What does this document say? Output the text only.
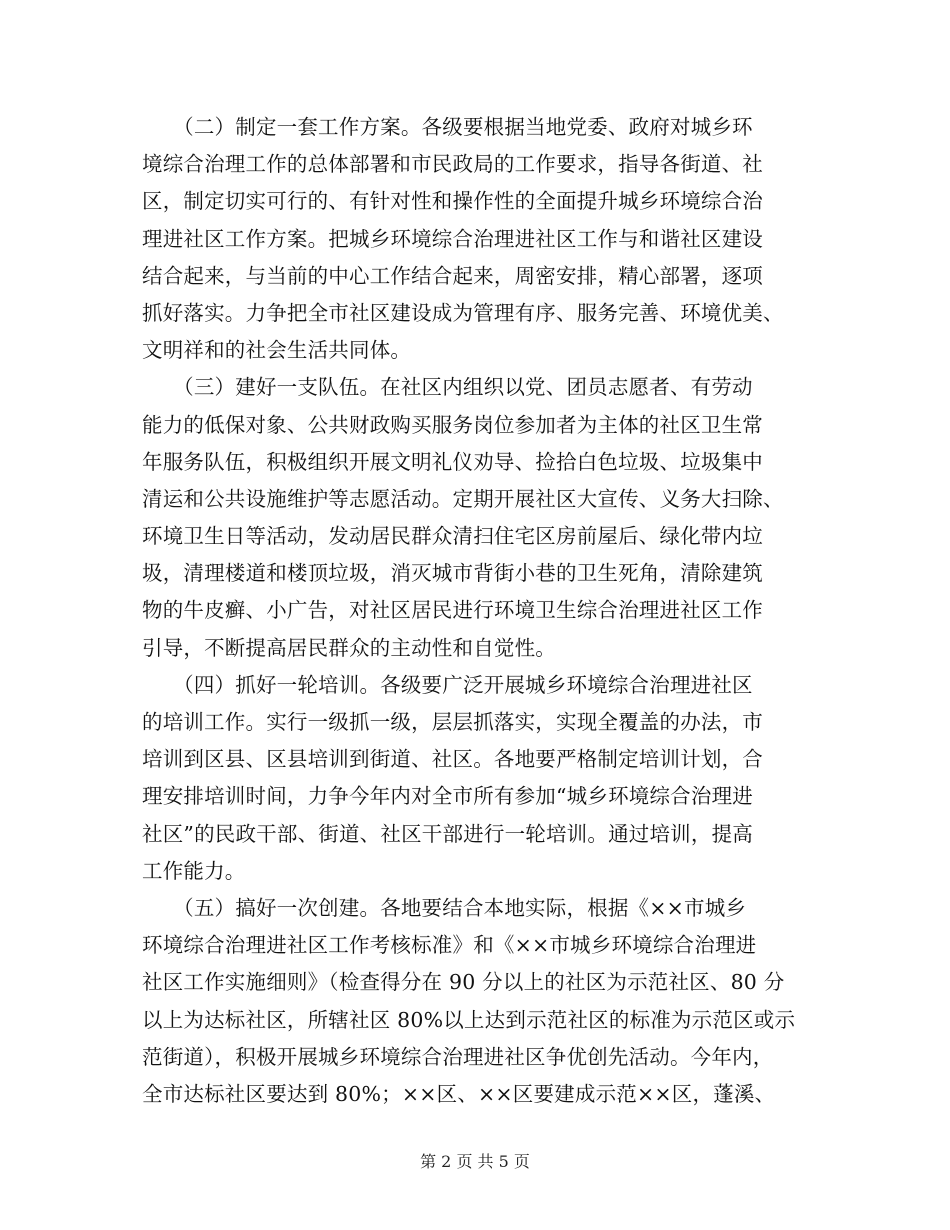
　　（二）制定一套工作方案。各级要根据当地党委、政府对城乡环
境综合治理工作的总体部署和市民政局的工作要求，指导各街道、社
区，制定切实可行的、有针对性和操作性的全面提升城乡环境综合治
理进社区工作方案。把城乡环境综合治理进社区工作与和谐社区建设
结合起来，与当前的中心工作结合起来，周密安排，精心部署，逐项
抓好落实。力争把全市社区建设成为管理有序、服务完善、环境优美、
文明祥和的社会生活共同体。
　　（三）建好一支队伍。在社区内组织以党、团员志愿者、有劳动
能力的低保对象、公共财政购买服务岗位参加者为主体的社区卫生常
年服务队伍，积极组织开展文明礼仪劝导、捡拾白色垃圾、垃圾集中
清运和公共设施维护等志愿活动。定期开展社区大宣传、义务大扫除、
环境卫生日等活动，发动居民群众清扫住宅区房前屋后、绿化带内垃
圾，清理楼道和楼顶垃圾，消灭城市背街小巷的卫生死角，清除建筑
物的牛皮癣、小广告，对社区居民进行环境卫生综合治理进社区工作
引导，不断提高居民群众的主动性和自觉性。
　　（四）抓好一轮培训。各级要广泛开展城乡环境综合治理进社区
的培训工作。实行一级抓一级，层层抓落实，实现全覆盖的办法，市
培训到区县、区县培训到街道、社区。各地要严格制定培训计划，合
理安排培训时间，力争今年内对全市所有参加“城乡环境综合治理进
社区”的民政干部、街道、社区干部进行一轮培训。通过培训，提高
工作能力。
　　（五）搞好一次创建。各地要结合本地实际，根据《××市城乡
环境综合治理进社区工作考核标准》和《××市城乡环境综合治理进
社区工作实施细则》（检查得分在 90 分以上的社区为示范社区、80 分
以上为达标社区，所辖社区 80%以上达到示范社区的标准为示范区或示
范街道），积极开展城乡环境综合治理进社区争优创先活动。今年内，
全市达标社区要达到 80%；××区、××区要建成示范××区，蓬溪、
第 2 页 共 5 页
